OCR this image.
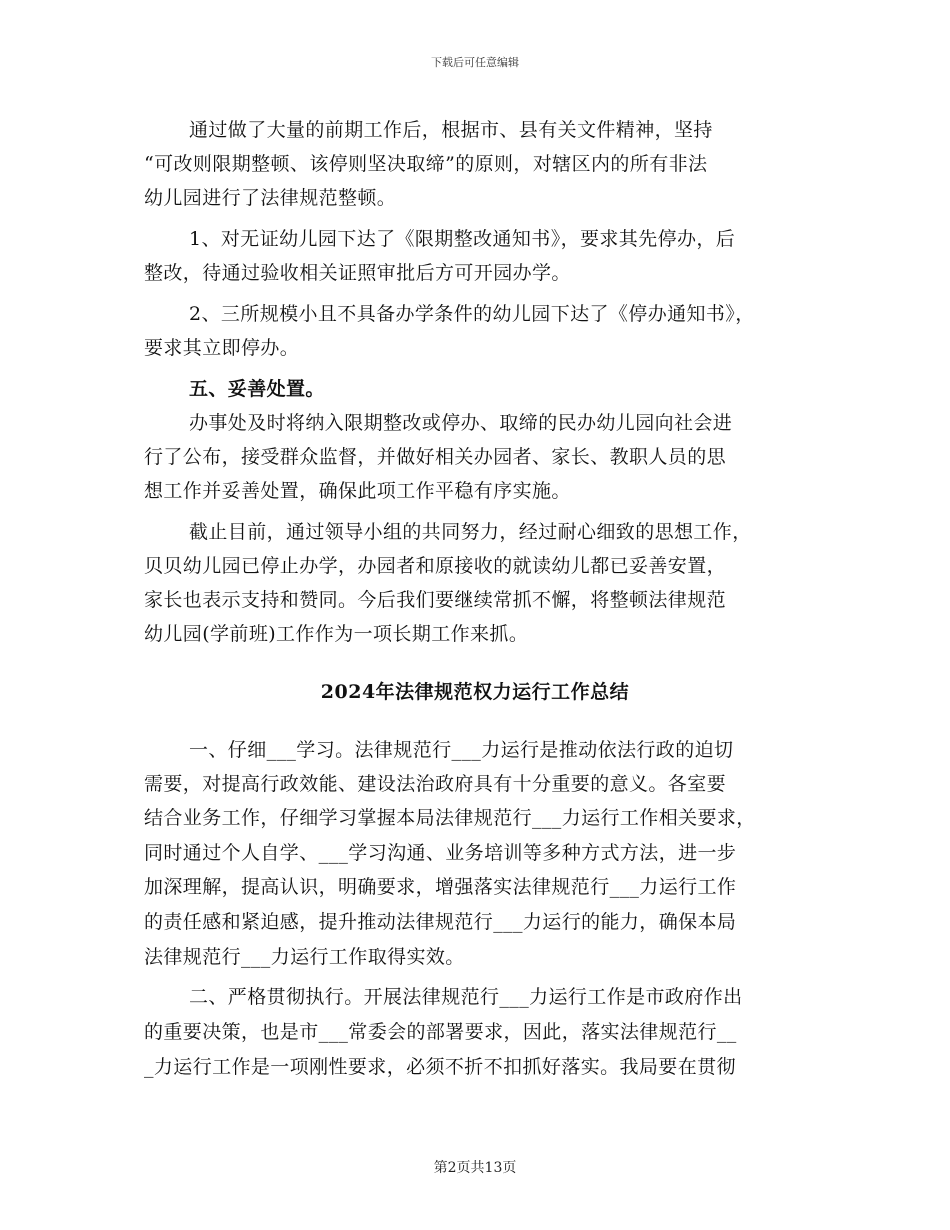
下载后可任意编辑
通过做了大量的前期工作后，根据市、县有关文件精神，坚持
“可改则限期整顿、该停则坚决取缔”的原则，对辖区内的所有非法
幼儿园进行了法律规范整顿。
1、对无证幼儿园下达了《限期整改通知书》，要求其先停办，后
整改，待通过验收相关证照审批后方可开园办学。
2、三所规模小且不具备办学条件的幼儿园下达了《停办通知书》，
要求其立即停办。
五、妥善处置。
办事处及时将纳入限期整改或停办、取缔的民办幼儿园向社会进
行了公布，接受群众监督，并做好相关办园者、家长、教职人员的思
想工作并妥善处置，确保此项工作平稳有序实施。
截止目前，通过领导小组的共同努力，经过耐心细致的思想工作，
贝贝幼儿园已停止办学，办园者和原接收的就读幼儿都已妥善安置，
家长也表示支持和赞同。今后我们要继续常抓不懈，将整顿法律规范
幼儿园(学前班)工作作为一项长期工作来抓。
2024年法律规范权力运行工作总结
一、仔细___学习。法律规范行___力运行是推动依法行政的迫切
需要，对提高行政效能、建设法治政府具有十分重要的意义。各室要
结合业务工作，仔细学习掌握本局法律规范行___力运行工作相关要求，
同时通过个人自学、___学习沟通、业务培训等多种方式方法，进一步
加深理解，提高认识，明确要求，增强落实法律规范行___力运行工作
的责任感和紧迫感，提升推动法律规范行___力运行的能力，确保本局
法律规范行___力运行工作取得实效。
二、严格贯彻执行。开展法律规范行___力运行工作是市政府作出
的重要决策，也是市___常委会的部署要求，因此，落实法律规范行__
_力运行工作是一项刚性要求，必须不折不扣抓好落实。我局要在贯彻
第2页共13页
